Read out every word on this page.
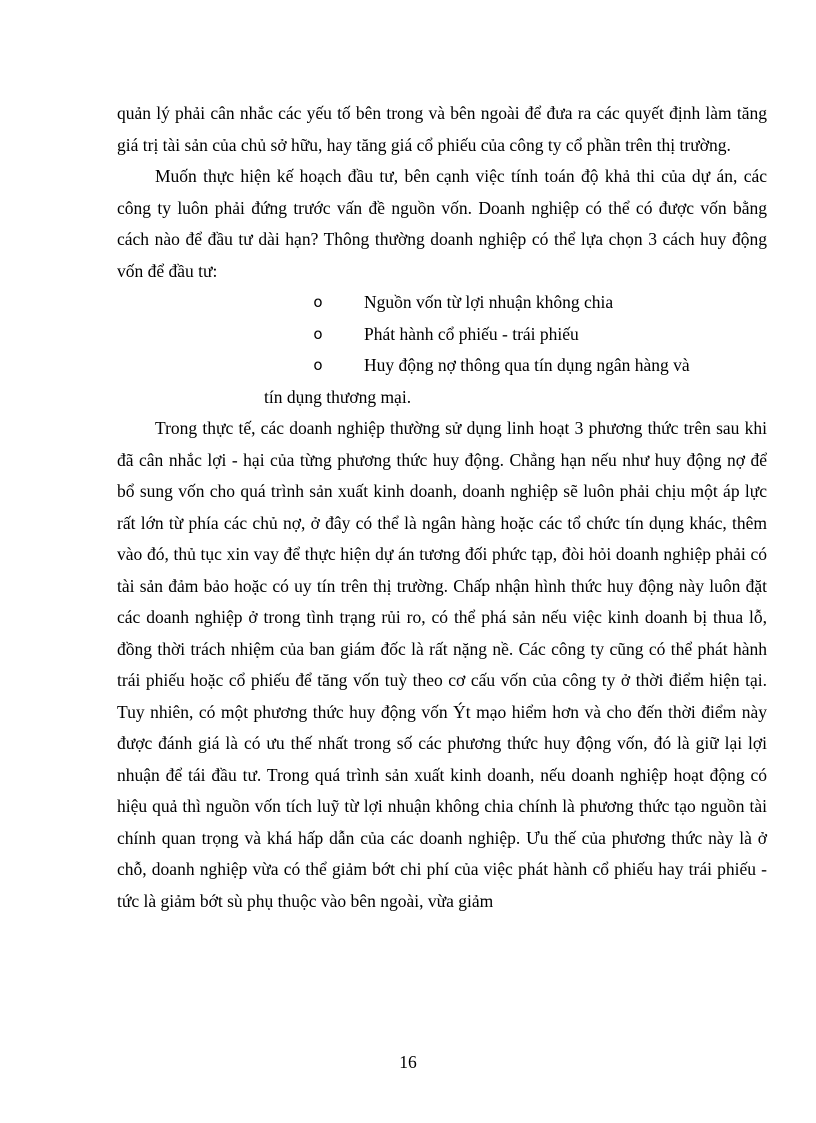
quản lý phải cân nhắc các yếu tố bên trong và bên ngoài để đưa ra các quyết định làm tăng giá trị tài sản của chủ sở hữu, hay tăng giá cổ phiếu của công ty cổ phần trên thị trường.

Muốn thực hiện kế hoạch đầu tư, bên cạnh việc tính toán độ khả thi của dự án, các công ty luôn phải đứng trước vấn đề nguồn vốn. Doanh nghiệp có thể có được vốn bằng cách nào để đầu tư dài hạn? Thông thường doanh nghiệp có thể lựa chọn 3 cách huy động vốn để đầu tư:

o	Nguồn vốn từ lợi nhuận không chia
o	Phát hành cổ phiếu - trái phiếu
o	Huy động nợ thông qua tín dụng ngân hàng và
tín dụng thương mại.

Trong thực tế, các doanh nghiệp thường sử dụng linh hoạt 3 phương thức trên sau khi đã cân nhắc lợi - hại của từng phương thức huy động. Chẳng hạn nếu như huy động nợ để bổ sung vốn cho quá trình sản xuất kinh doanh, doanh nghiệp sẽ luôn phải chịu một áp lực rất lớn từ phía các chủ nợ, ở đây có thể là ngân hàng hoặc các tổ chức tín dụng khác, thêm vào đó, thủ tục xin vay để thực hiện dự án tương đối phức tạp, đòi hỏi doanh nghiệp phải có tài sản đảm bảo hoặc có uy tín trên thị trường. Chấp nhận hình thức huy động này luôn đặt các doanh nghiệp ở trong tình trạng rủi ro, có thể phá sản nếu việc kinh doanh bị thua lỗ, đồng thời trách nhiệm của ban giám đốc là rất nặng nề. Các công ty cũng có thể phát hành trái phiếu hoặc cổ phiếu để tăng vốn tuỳ theo cơ cấu vốn của công ty ở thời điểm hiện tại. Tuy nhiên, có một phương thức huy động vốn Ýt mạo hiểm hơn và cho đến thời điểm này được đánh giá là có ưu thế nhất trong số các phương thức huy động vốn, đó là giữ lại lợi nhuận để tái đầu tư. Trong quá trình sản xuất kinh doanh, nếu doanh nghiệp hoạt động có hiệu quả thì nguồn vốn tích luỹ từ lợi nhuận không chia chính là phương thức tạo nguồn tài chính quan trọng và khá hấp dẫn của các doanh nghiệp. Ưu thế của phương thức này là ở chỗ, doanh nghiệp vừa có thể giảm bớt chi phí của việc phát hành cổ phiếu hay trái phiếu - tức là giảm bớt sù phụ thuộc vào bên ngoài, vừa giảm

16
